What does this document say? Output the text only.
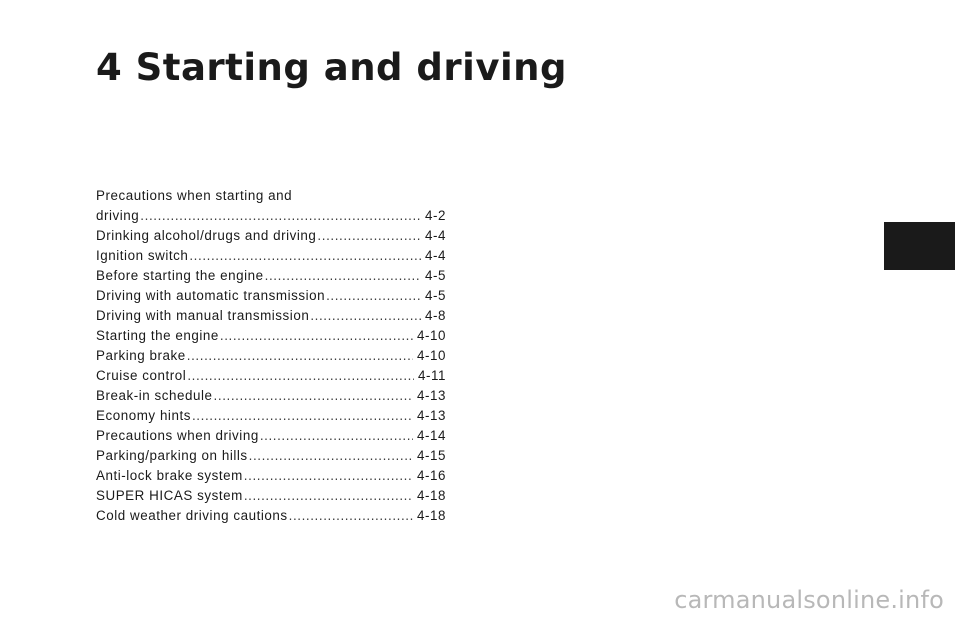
4 Starting and driving
Precautions when starting and
driving .....	4-2
Drinking alcohol/drugs and driving .....	4-4
Ignition switch .....	4-4
Before starting the engine .....	4-5
Driving with automatic transmission .....	4-5
Driving with manual transmission .....	4-8
Starting the engine .....	4-10
Parking brake .....	4-10
Cruise control .....	4-11
Break-in schedule .....	4-13
Economy hints .....	4-13
Precautions when driving .....	4-14
Parking/parking on hills .....	4-15
Anti-lock brake system .....	4-16
SUPER HICAS system .....	4-18
Cold weather driving cautions .....	4-18

carmanualsonline.info
